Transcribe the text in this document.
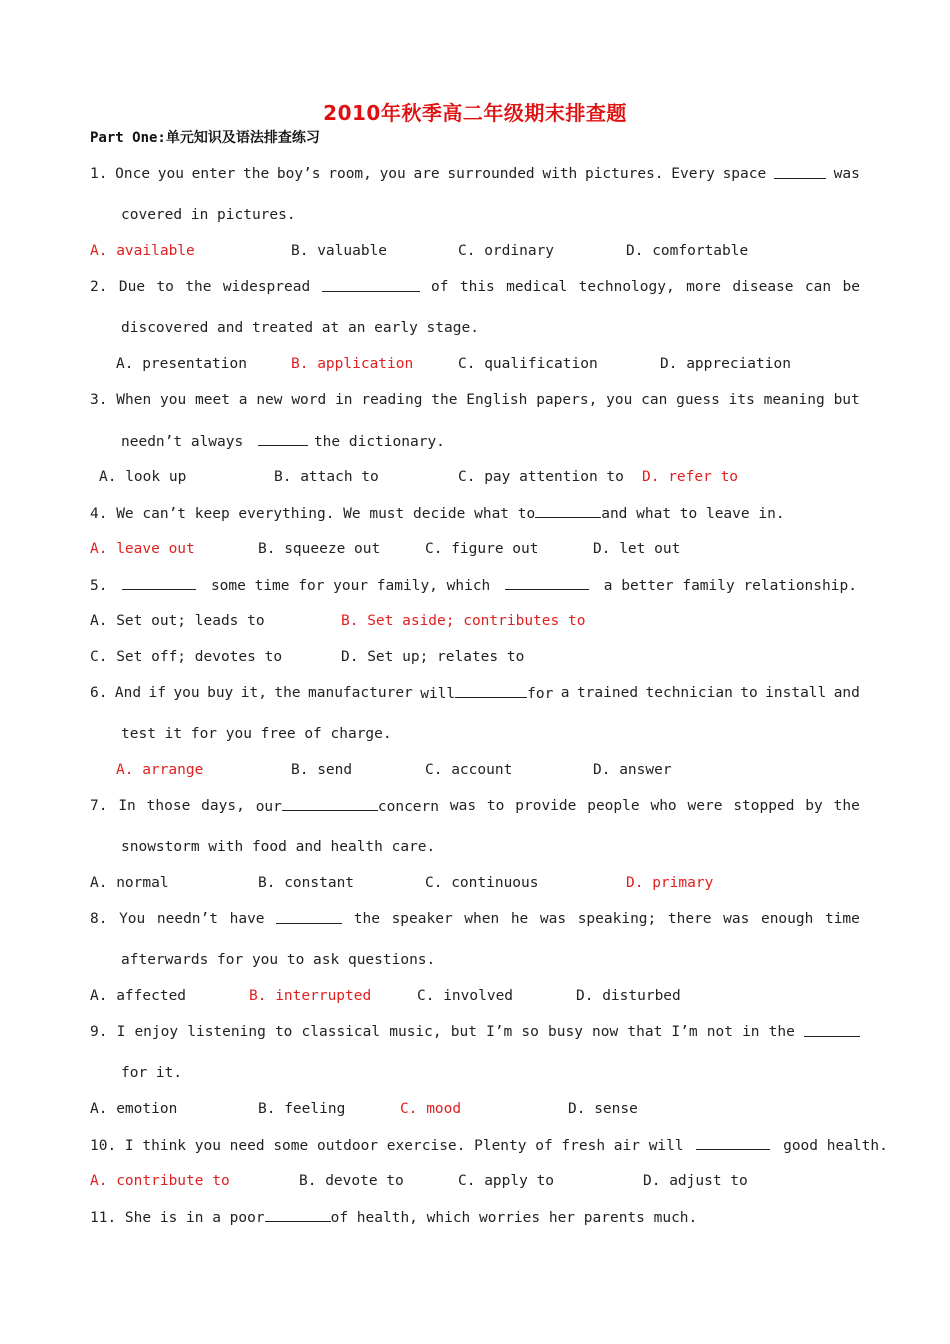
2010年秋季高二年级期末排查题
Part One:单元知识及语法排查练习
1. Once you enter the boy’s room, you are surrounded with pictures. Every space	was
covered in pictures.
A. available	B. valuable	C. ordinary	D. comfortable
2. Due to the widespread	of this medical technology, more disease can be
discovered and treated at an early stage.
A. presentation	B. application	C. qualification	D. appreciation
3. When you meet a new word in reading the English papers, you can guess its meaning but
needn’t always	the dictionary.
A. look up	B. attach to	C. pay attention to D. refer to
4. We can’t keep everything. We must decide what to	and what to leave in.
A. leave out	B. squeeze out	C. figure out	D. let out
5.	some time for your family, which	a better family relationship.
A. Set out; leads to	B. Set aside; contributes to
C. Set off; devotes to	D. Set up; relates to
6. And if you buy it, the manufacturer will	for a trained technician to install and
test it for you free of charge.
A. arrange	B. send	C. account	D. answer
7. In those days, our	concern was to provide people who were stopped by the
snowstorm with food and health care.
A. normal	B. constant	C. continuous	D. primary
8. You needn’t have	the speaker when he was speaking; there was enough time
afterwards for you to ask questions.
A. affected	B. interrupted	C. involved	D. disturbed
9. I enjoy listening to classical music, but I’m so busy now that I’m not in the
for it.
A. emotion	B. feeling	C. mood	D. sense
10. I think you need some outdoor exercise. Plenty of fresh air will	good health.
A. contribute to	B. devote to	C. apply to	D. adjust to
11. She is in a poor	of health, which worries her parents much.
